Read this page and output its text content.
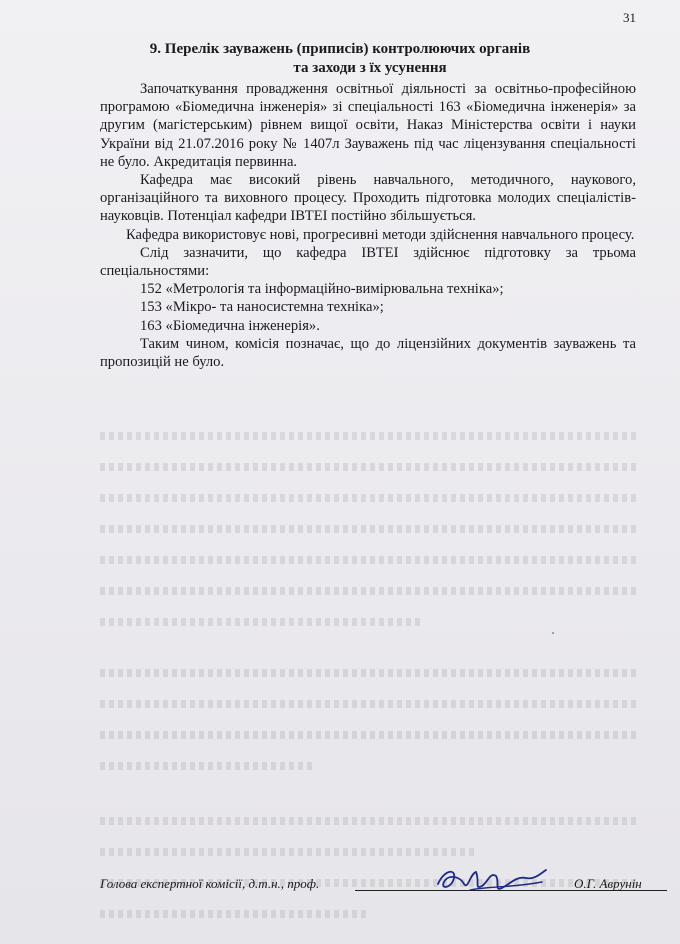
31
9. Перелік зауважень (приписів) контролюючих органів
та заходи з їх усунення

Започаткування провадження освітньої діяльності за освітньо-професійною програмою «Біомедична інженерія» зі спеціальності 163 «Біомедична інженерія» за другим (магістерським) рівнем вищої освіти, Наказ Міністерства освіти і науки України від 21.07.2016 року № 1407л Зауважень під час ліцензування спеціальності не було. Акредитація первинна.

Кафедра має високий рівень навчального, методичного, наукового, організаційного та виховного процесу. Проходить підготовка молодих спеціалістів-науковців. Потенціал кафедри ІВТЕІ постійно збільшується.

Кафедра використовує нові, прогресивні методи здійснення навчального процесу.

Слід зазначити, що кафедра ІВТЕІ здійснює підготовку за трьома спеціальностями:

152 «Метрологія та інформаційно-вимірювальна техніка»;

153 «Мікро- та наносистемна техніка»;

163 «Біомедична інженерія».

Таким чином, комісія позначає, що до ліцензійних документів зауважень та пропозицій не було.

Голова експертної комісії, д.т.н., проф.	О.Г. Аврунін
